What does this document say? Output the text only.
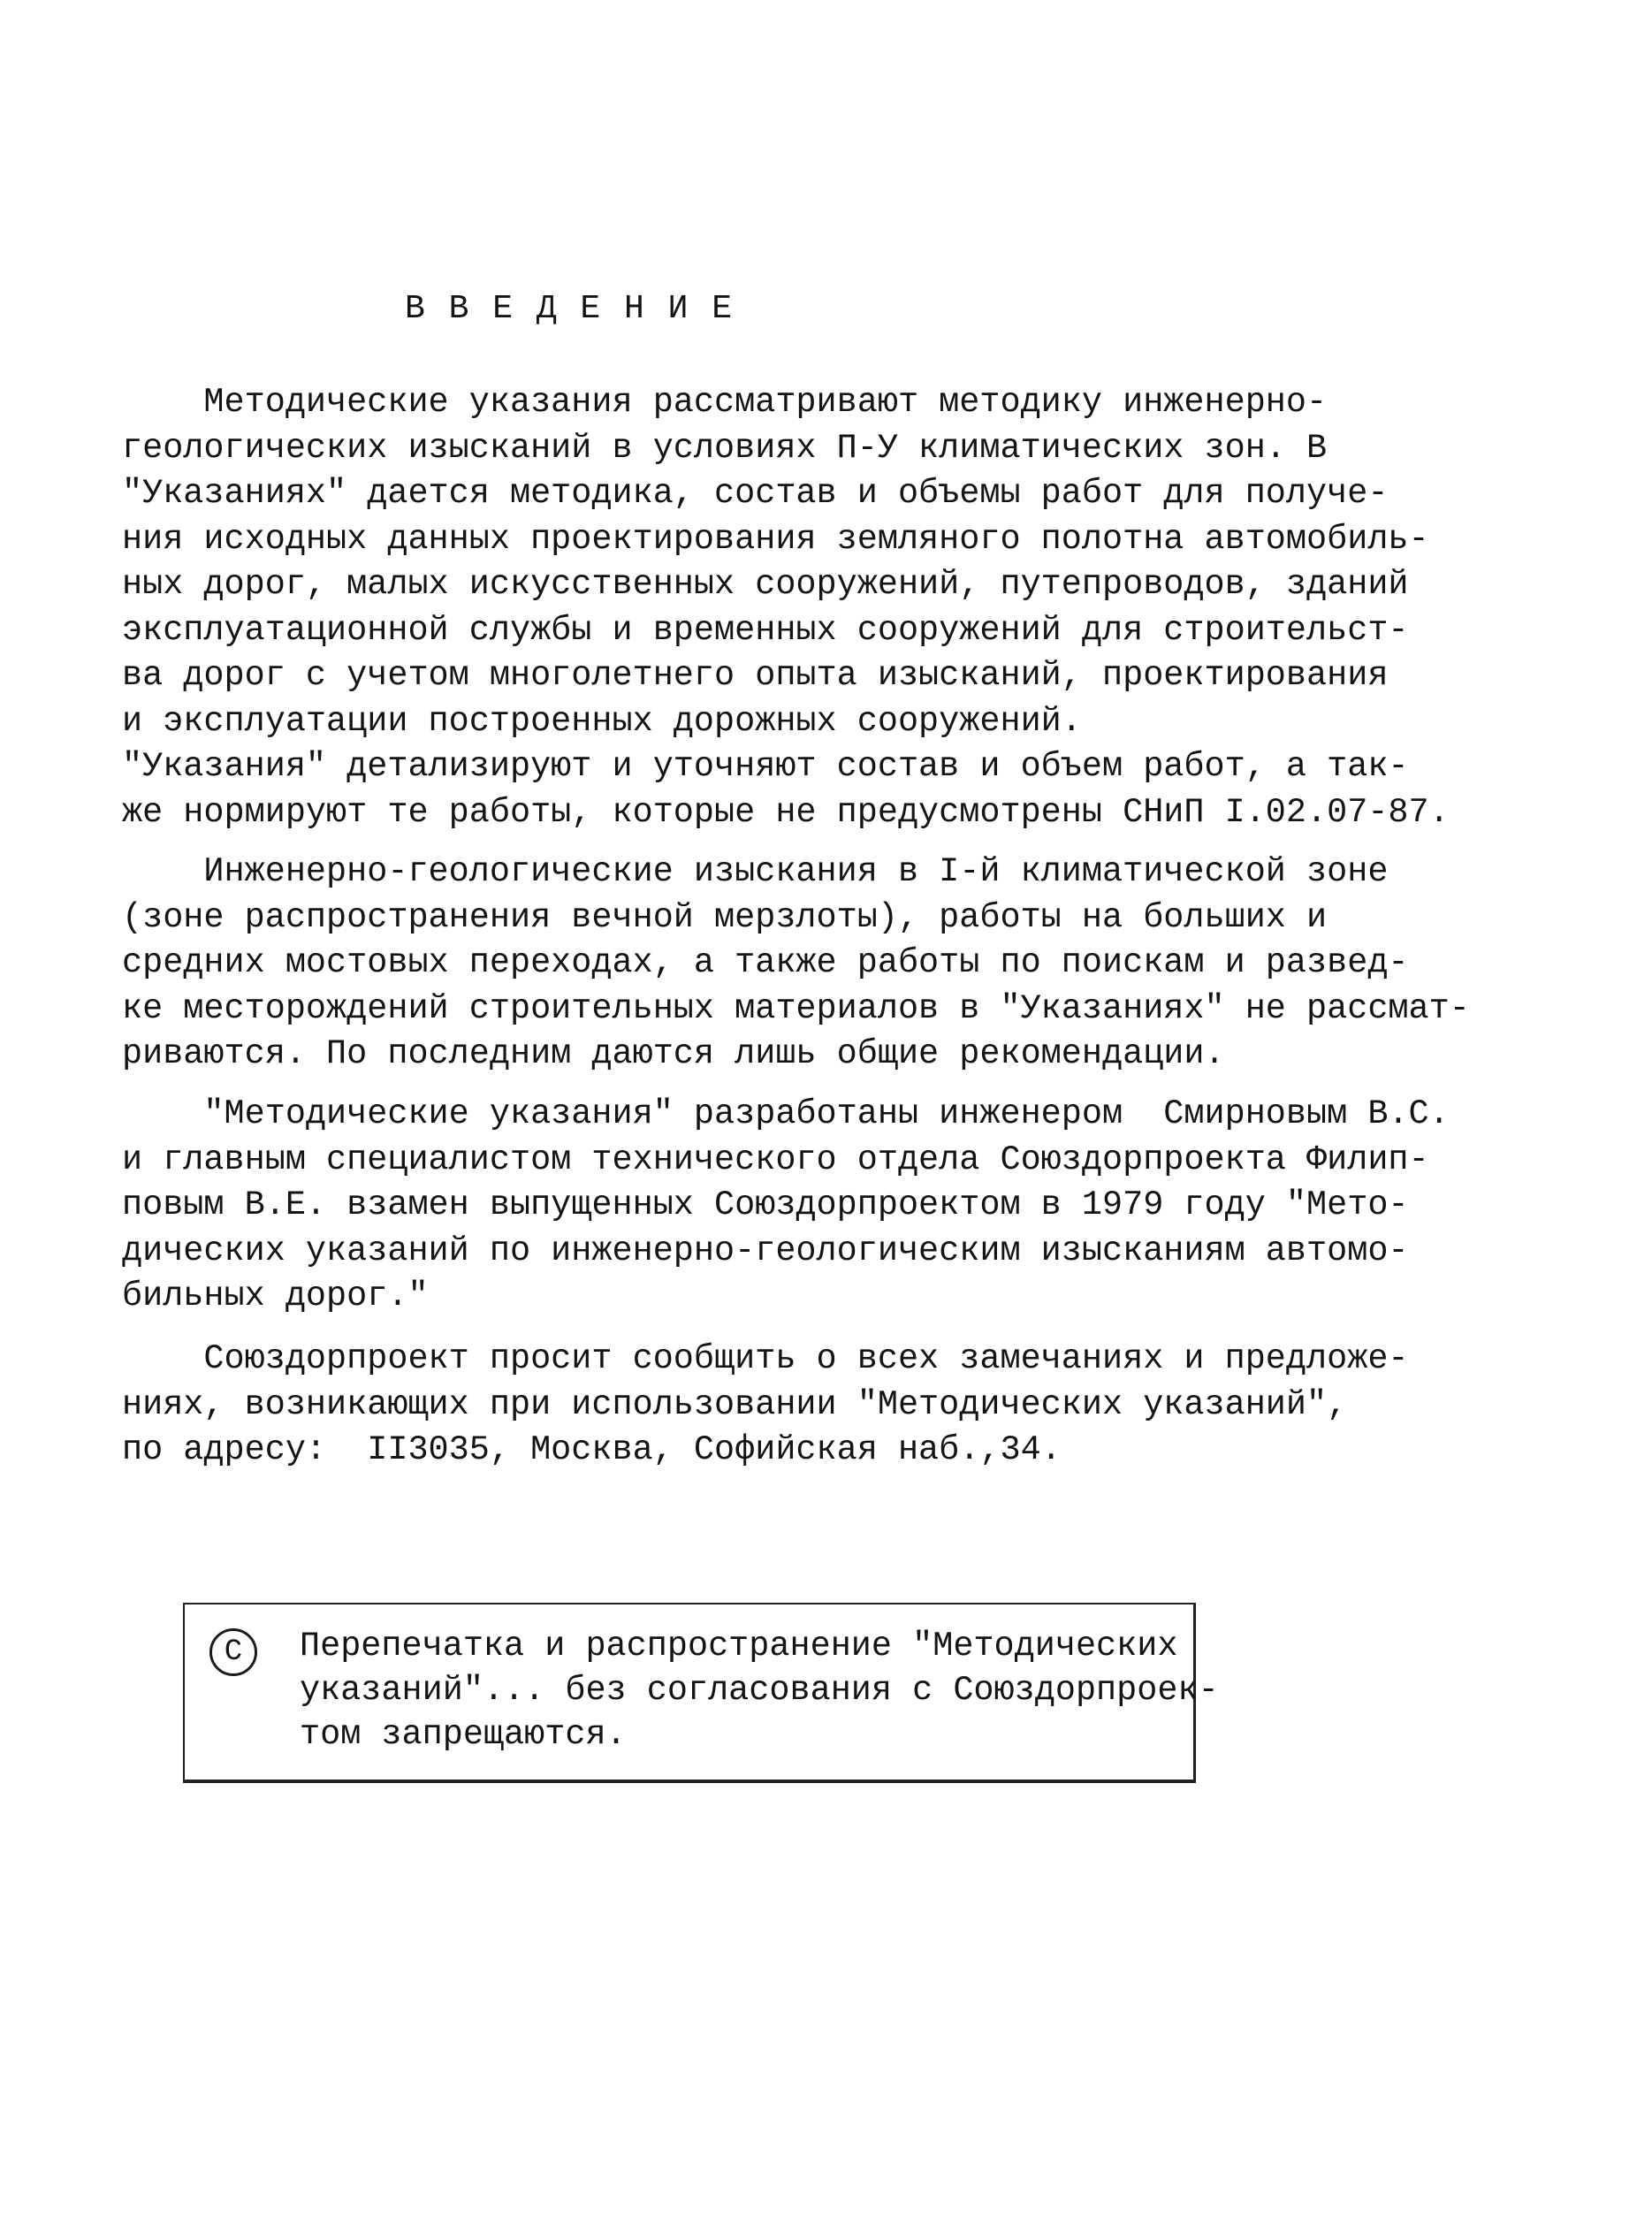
В В Е Д Е Н И Е
Методические указания рассматривают методику инженерно-
геологических изысканий в условиях П-У климатических зон. В
"Указаниях" дается методика, состав и объемы работ для получе-
ния исходных данных проектирования земляного полотна автомобиль-
ных дорог, малых искусственных сооружений, путепроводов, зданий
эксплуатационной службы и временных сооружений для строительст-
ва дорог с учетом многолетнего опыта изысканий, проектирования
и эксплуатации построенных дорожных сооружений.
"Указания" детализируют и уточняют состав и объем работ, а так-
же нормируют те работы, которые не предусмотрены СНиП I.02.07-87.
Инженерно-геологические изыскания в I-й климатической зоне
(зоне распространения вечной мерзлоты), работы на больших и
средних мостовых переходах, а также работы по поискам и развед-
ке месторождений строительных материалов в "Указаниях" не рассмат-
риваются. По последним даются лишь общие рекомендации.
"Методические указания" разработаны инженером  Смирновым В.С.
и главным специалистом технического отдела Союздорпроекта Филип-
повым В.Е. взамен выпущенных Союздорпроектом в 1979 году "Мето-
дических указаний по инженерно-геологическим изысканиям автомо-
бильных дорог."
Союздорпроект просит сообщить о всех замечаниях и предложе-
ниях, возникающих при использовании "Методических указаний",
по адресу:  II3035, Москва, Софийская наб.,34.
С	Перепечатка и распространение "Методических
указаний"... без согласования с Союздорпроек-
том запрещаются.
